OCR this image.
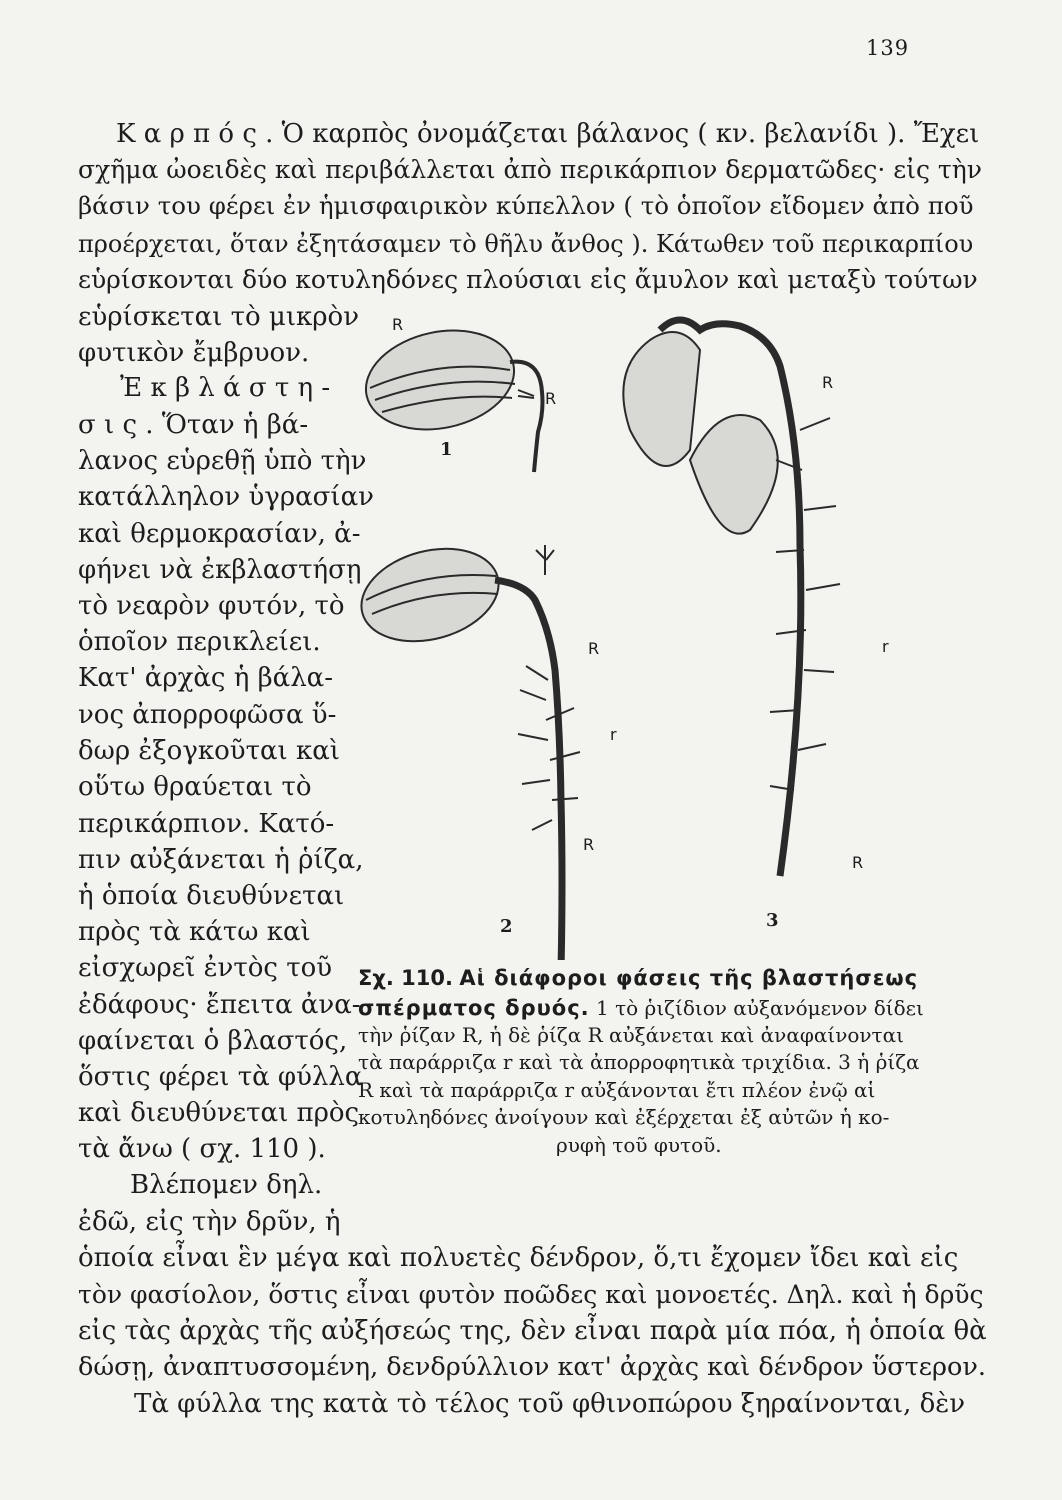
139
Κ α ρ π ό ς . Ὁ καρπὸς ὀνομάζεται βάλανος ( κν. βελανίδι ). Ἔχει
σχῆμα ὠοειδὲς καὶ περιβάλλεται ἀπὸ περικάρπιον δερματῶδες· εἰς τὴν
βάσιν του φέρει ἐν ἡμισφαιρικὸν κύπελλον ( τὸ ὁποῖον εἴδομεν ἀπὸ ποῦ
προέρχεται, ὅταν ἐξητάσαμεν τὸ θῆλυ ἄνθος ). Κάτωθεν τοῦ περικαρπίου
εὑρίσκονται δύο κοτυληδόνες πλούσιαι εἰς ἄμυλον καὶ μεταξὺ τούτων
εὑρίσκεται τὸ μικρὸν
φυτικὸν ἔμβρυον.
Ἐ κ β λ ά σ τ η -
σ ι ς . Ὅταν ἡ βά-
λανος εὑρεθῇ ὑπὸ τὴν
κατάλληλον ὑγρασίαν
καὶ θερμοκρασίαν, ἀ-
φήνει νὰ ἐκβλαστήσῃ
τὸ νεαρὸν φυτόν, τὸ
ὁποῖον περικλείει.
Κατ' ἀρχὰς ἡ βάλα-
νος ἀπορροφῶσα ὕ-
δωρ ἐξογκοῦται καὶ
οὕτω θραύεται τὸ
περικάρπιον. Κατό-
πιν αὐξάνεται ἡ ῥίζα,
ἡ ὁποία διευθύνεται
πρὸς τὰ κάτω καὶ
εἰσχωρεῖ ἐντὸς τοῦ
ἐδάφους· ἔπειτα ἀνα-
φαίνεται ὁ βλαστός,
ὅστις φέρει τὰ φύλλα
καὶ διευθύνεται πρὸς
τὰ ἄνω ( σχ. 110 ).
Βλέπομεν δηλ.
R
R
1
R
r
R
2
R
r
R
3
Σχ. 110. Αἱ διάφοροι φάσεις τῆς βλαστήσεως
σπέρματος δρυός. 1 τὸ ῥιζίδιον αὐξανόμενον δίδει
τὴν ῥίζαν R, ἡ δὲ ῥίζα R αὐξάνεται καὶ ἀναφαίνονται
τὰ παράρριζα r καὶ τὰ ἀπορροφητικὰ τριχίδια. 3 ἡ ῥίζα
R καὶ τὰ παράρριζα r αὐξάνονται ἔτι πλέον ἐνῷ αἱ
κοτυληδόνες ἀνοίγουν καὶ ἐξέρχεται ἐξ αὐτῶν ἡ κο-
ρυφὴ τοῦ φυτοῦ.
ἐδῶ, εἰς τὴν δρῦν, ἡ
ὁποία εἶναι ἓν μέγα καὶ πολυετὲς δένδρον, ὅ,τι ἔχομεν ἴδει καὶ εἰς
τὸν φασίολον, ὅστις εἶναι φυτὸν ποῶδες καὶ μονοετές. Δηλ. καὶ ἡ δρῦς
εἰς τὰς ἀρχὰς τῆς αὐξήσεώς της, δὲν εἶναι παρὰ μία πόα, ἡ ὁποία θὰ
δώσῃ, ἀναπτυσσομένη, δενδρύλλιον κατ' ἀρχὰς καὶ δένδρον ὕστερον.
Τὰ φύλλα της κατὰ τὸ τέλος τοῦ φθινοπώρου ξηραίνονται, δὲν
